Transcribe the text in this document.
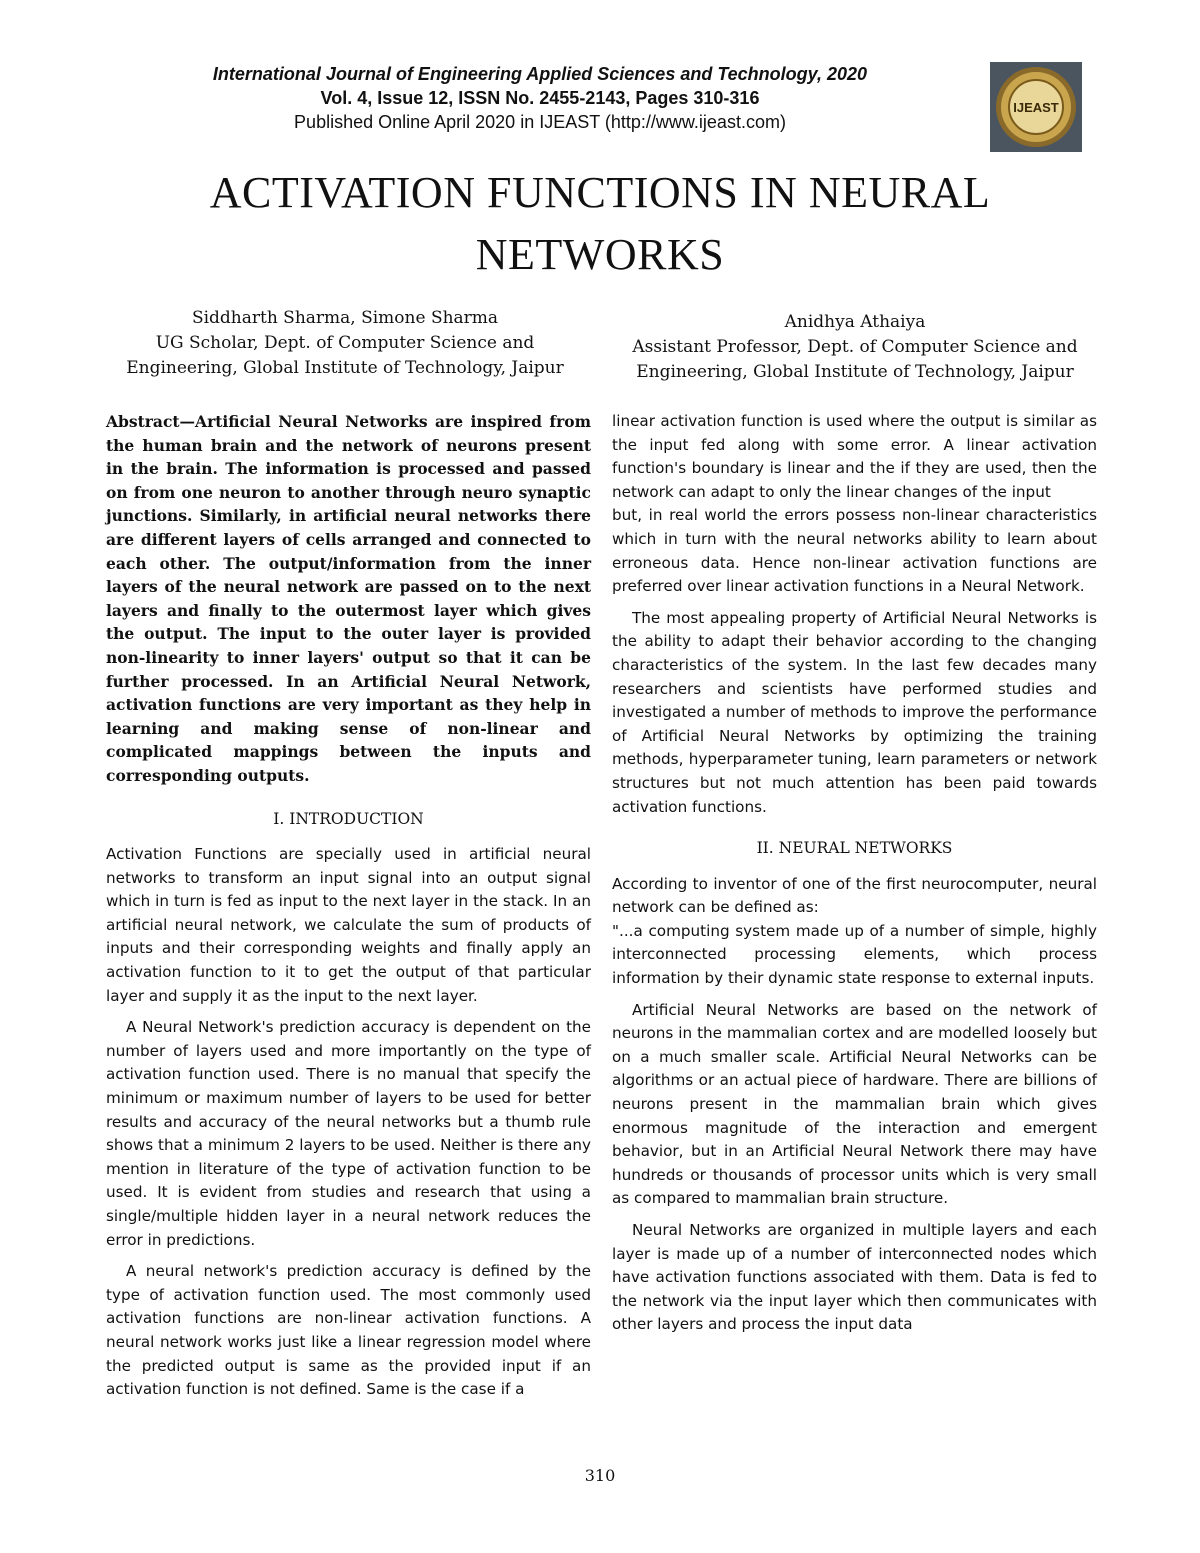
International Journal of Engineering Applied Sciences and Technology, 2020
Vol. 4, Issue 12, ISSN No. 2455-2143, Pages 310-316
Published Online April 2020 in IJEAST (http://www.ijeast.com)
IJEAST
ACTIVATION FUNCTIONS IN NEURAL NETWORKS
Siddharth Sharma, Simone Sharma
UG Scholar, Dept. of Computer Science and
Engineering, Global Institute of Technology, Jaipur
Anidhya Athaiya
Assistant Professor, Dept. of Computer Science and
Engineering, Global Institute of Technology, Jaipur

Abstract—Artificial Neural Networks are inspired from the human brain and the network of neurons present in the brain. The information is processed and passed on from one neuron to another through neuro synaptic junctions. Similarly, in artificial neural networks there are different layers of cells arranged and connected to each other. The output/information from the inner layers of the neural network are passed on to the next layers and finally to the outermost layer which gives the output. The input to the outer layer is provided non-linearity to inner layers' output so that it can be further processed. In an Artificial Neural Network, activation functions are very important as they help in learning and making sense of non-linear and complicated mappings between the inputs and corresponding outputs.

I. INTRODUCTION

Activation Functions are specially used in artificial neural networks to transform an input signal into an output signal which in turn is fed as input to the next layer in the stack. In an artificial neural network, we calculate the sum of products of inputs and their corresponding weights and finally apply an activation function to it to get the output of that particular layer and supply it as the input to the next layer.

A Neural Network's prediction accuracy is dependent on the number of layers used and more importantly on the type of activation function used. There is no manual that specify the minimum or maximum number of layers to be used for better results and accuracy of the neural networks but a thumb rule shows that a minimum 2 layers to be used. Neither is there any mention in literature of the type of activation function to be used. It is evident from studies and research that using a single/multiple hidden layer in a neural network reduces the error in predictions.

A neural network's prediction accuracy is defined by the type of activation function used. The most commonly used activation functions are non-linear activation functions. A neural network works just like a linear regression model where the predicted output is same as the provided input if an activation function is not defined. Same is the case if a

linear activation function is used where the output is similar as the input fed along with some error. A linear activation function's boundary is linear and the if they are used, then the network can adapt to only the linear changes of the input

but, in real world the errors possess non-linear characteristics which in turn with the neural networks ability to learn about erroneous data. Hence non-linear activation functions are preferred over linear activation functions in a Neural Network.

The most appealing property of Artificial Neural Networks is the ability to adapt their behavior according to the changing characteristics of the system. In the last few decades many researchers and scientists have performed studies and investigated a number of methods to improve the performance of Artificial Neural Networks by optimizing the training methods, hyperparameter tuning, learn parameters or network structures but not much attention has been paid towards activation functions.

II. NEURAL NETWORKS

According to inventor of one of the first neurocomputer, neural network can be defined as:

"...a computing system made up of a number of simple, highly interconnected processing elements, which process information by their dynamic state response to external inputs.

Artificial Neural Networks are based on the network of neurons in the mammalian cortex and are modelled loosely but on a much smaller scale. Artificial Neural Networks can be algorithms or an actual piece of hardware. There are billions of neurons present in the mammalian brain which gives enormous magnitude of the interaction and emergent behavior, but in an Artificial Neural Network there may have hundreds or thousands of processor units which is very small as compared to mammalian brain structure.

Neural Networks are organized in multiple layers and each layer is made up of a number of interconnected nodes which have activation functions associated with them. Data is fed to the network via the input layer which then communicates with other layers and process the input data

310
